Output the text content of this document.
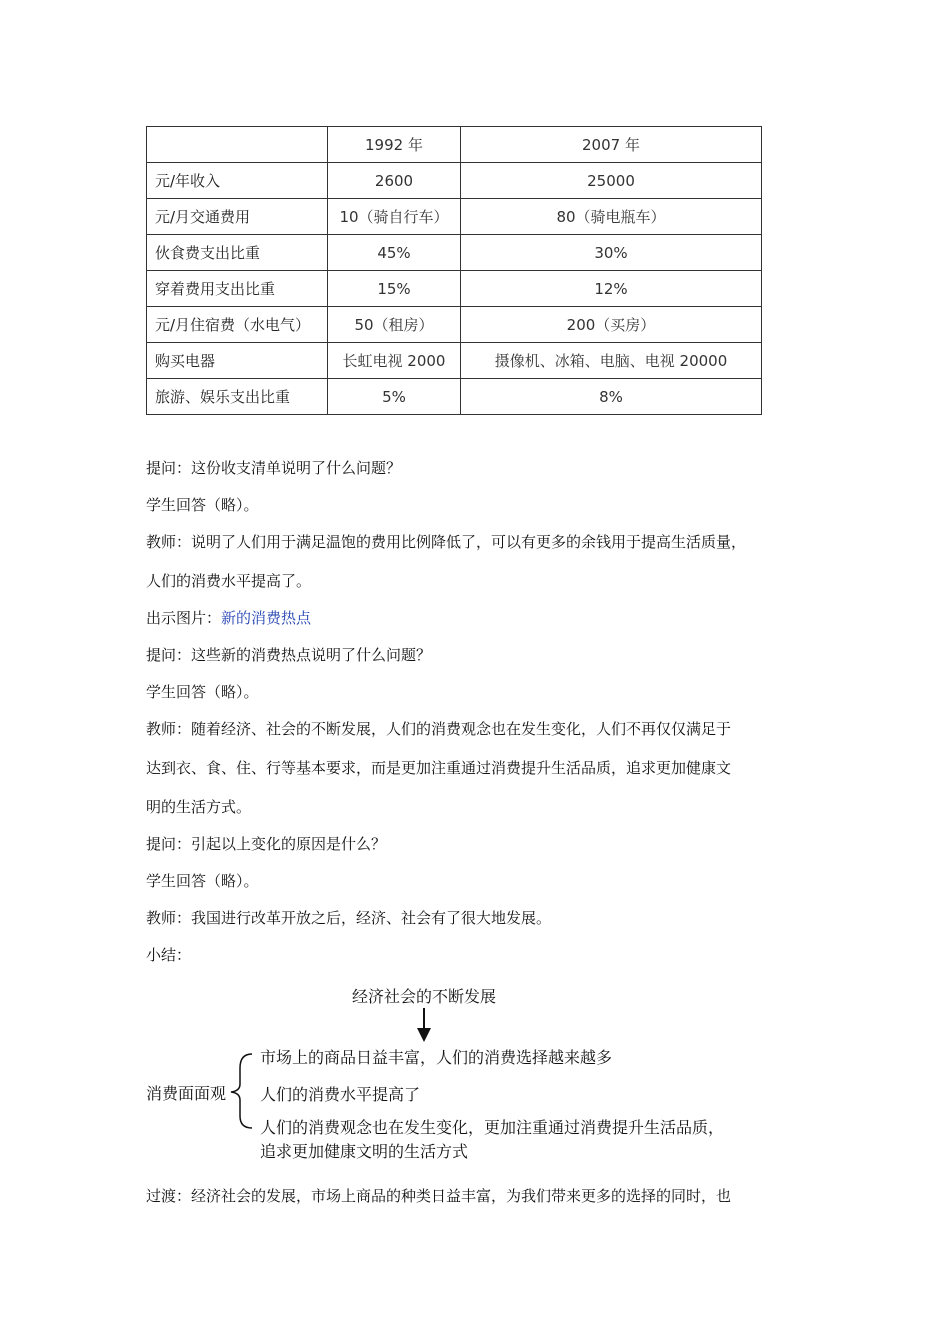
	1992 年	2007 年
元/年收入	2600	25000
元/月交通费用	10（骑自行车）	80（骑电瓶车）
伙食费支出比重	45%	30%
穿着费用支出比重	15%	12%
元/月住宿费（水电气）	50（租房）	200（买房）
购买电器	长虹电视 2000	摄像机、冰箱、电脑、电视 20000
旅游、娱乐支出比重	5%	8%
提问：这份收支清单说明了什么问题？
学生回答（略）。
教师：说明了人们用于满足温饱的费用比例降低了，可以有更多的余钱用于提高生活质量，
人们的消费水平提高了。
出示图片：新的消费热点
提问：这些新的消费热点说明了什么问题？
学生回答（略）。
教师：随着经济、社会的不断发展，人们的消费观念也在发生变化，人们不再仅仅满足于
达到衣、食、住、行等基本要求，而是更加注重通过消费提升生活品质，追求更加健康文
明的生活方式。
提问：引起以上变化的原因是什么？
学生回答（略）。
教师：我国进行改革开放之后，经济、社会有了很大地发展。
小结：
经济社会的不断发展
消费面面观
市场上的商品日益丰富，人们的消费选择越来越多
人们的消费水平提高了
人们的消费观念也在发生变化，更加注重通过消费提升生活品质，
追求更加健康文明的生活方式
过渡：经济社会的发展，市场上商品的种类日益丰富，为我们带来更多的选择的同时，也
